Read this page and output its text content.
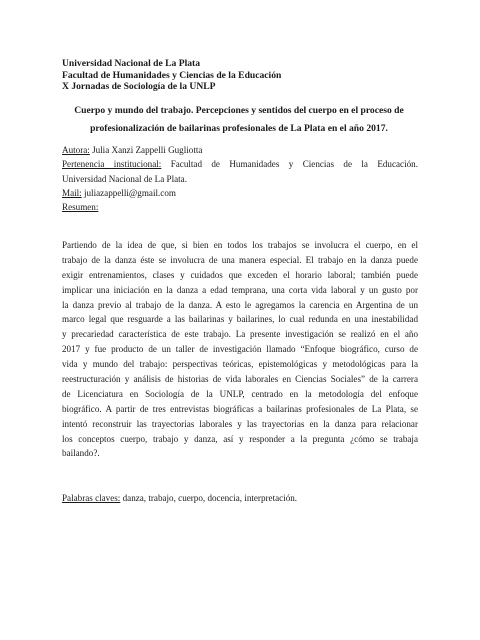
Universidad Nacional de La Plata
Facultad de Humanidades y Ciencias de la Educación
X Jornadas de Sociología de la UNLP
Cuerpo y mundo del trabajo. Percepciones y sentidos del cuerpo en el proceso de
profesionalización de bailarinas profesionales de La Plata en el año 2017.
Autora: Julia Xanzi Zappelli Gugliotta
Pertenencia institucional: Facultad de Humanidades y Ciencias de la Educación.
Universidad Nacional de La Plata.
Mail: juliazappelli@gmail.com
Resumen:
Partiendo de la idea de que, si bien en todos los trabajos se involucra el cuerpo, en el
trabajo de la danza éste se involucra de una manera especial. El trabajo en la danza puede
exigir entrenamientos, clases y cuidados que exceden el horario laboral; también puede
implicar una iniciación en la danza a edad temprana, una corta vida laboral y un gusto por
la danza previo al trabajo de la danza. A esto le agregamos la carencia en Argentina de un
marco legal que resguarde a las bailarinas y bailarines, lo cual redunda en una inestabilidad
y precariedad característica de este trabajo. La presente investigación se realizó en el año
2017 y fue producto de un taller de investigación llamado “Enfoque biográfico, curso de
vida y mundo del trabajo: perspectivas teóricas, epistemológicas y metodológicas para la
reestructuración y análisis de historias de vida laborales en Ciencias Sociales” de la carrera
de Licenciatura en Sociología de la UNLP, centrado en la metodología del enfoque
biográfico. A partir de tres entrevistas biográficas a bailarinas profesionales de La Plata, se
intentó reconstruir las trayectorias laborales y las trayectorias en la danza para relacionar
los conceptos cuerpo, trabajo y danza, así y responder a la pregunta ¿cómo se trabaja
bailando?.
Palabras claves: danza, trabajo, cuerpo, docencia, interpretación.
